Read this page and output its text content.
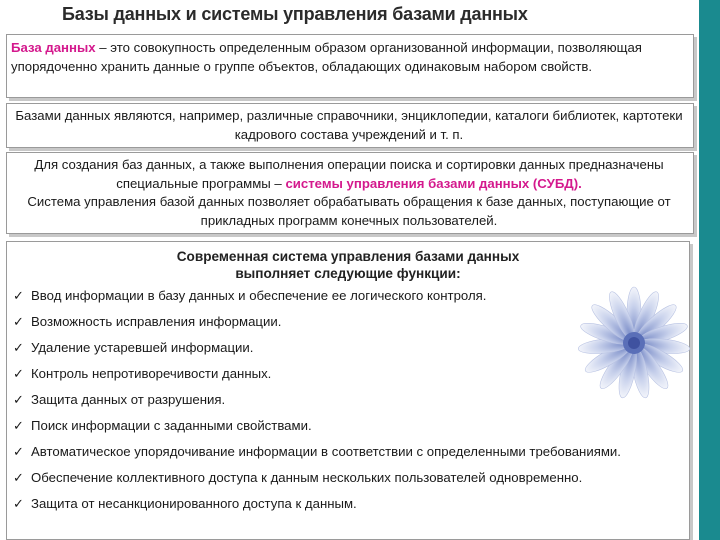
Базы данных и системы управления базами данных
База данных – это совокупность определенным образом организованной информации, позволяющая упорядоченно хранить данные о группе объектов, обладающих одинаковым набором свойств.
Базами данных являются, например, различные справочники, энциклопедии, каталоги библиотек, картотеки кадрового состава учреждений и т. п.
Для создания баз данных, а также выполнения операции поиска и сортировки данных предназначены специальные программы – системы управления базами данных (СУБД).
Система управления базой данных позволяет обрабатывать обращения к базе данных, поступающие от прикладных программ конечных пользователей.
Современная система управления базами данных
выполняет следующие функции:
✓ Ввод информации в базу данных и обеспечение ее логического контроля.
✓ Возможность исправления информации.
✓ Удаление устаревшей информации.
✓ Контроль непротиворечивости данных.
✓ Защита данных от разрушения.
✓ Поиск информации с заданными свойствами.
✓ Автоматическое упорядочивание информации в соответствии с определенными требованиями.
✓ Обеспечение коллективного доступа к данным нескольких пользователей одновременно.
✓ Защита от несанкционированного доступа к данным.
